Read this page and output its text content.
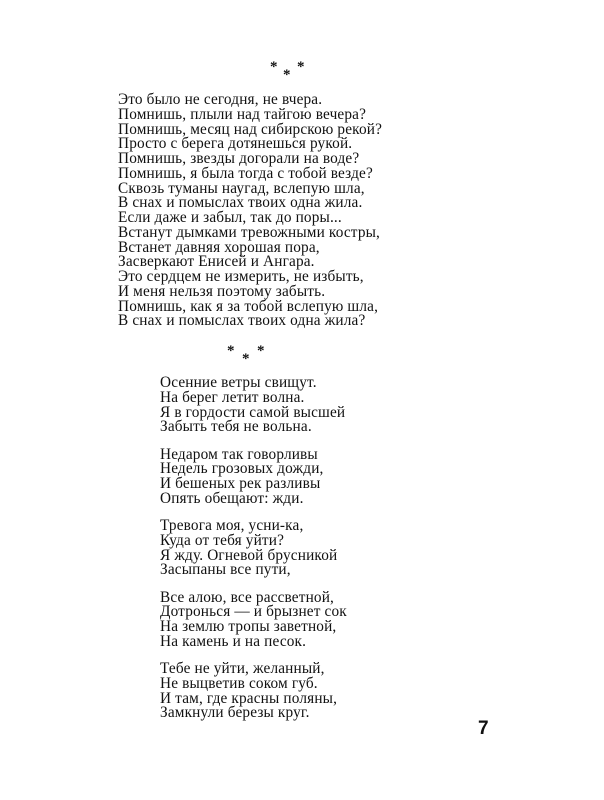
* * *
Это было не сегодня, не вчера.
Помнишь, плыли над тайгою вечера?
Помнишь, месяц над сибирскою рекой?
Просто с берега дотянешься рукой.
Помнишь, звезды догорали на воде?
Помнишь, я была тогда с тобой везде?
Сквозь туманы наугад, вслепую шла,
В снах и помыслах твоих одна жила.
Если даже и забыл, так до поры...
Встанут дымками тревожными костры,
Встанет давняя хорошая пора,
Засверкают Енисей и Ангара.
Это сердцем не измерить, не избыть,
И меня нельзя поэтому забыть.
Помнишь, как я за тобой вслепую шла,
В снах и помыслах твоих одна жила?
* * *
Осенние ветры свищут.
На берег летит волна.
Я в гордости самой высшей
Забыть тебя не вольна.
Недаром так говорливы
Недель грозовых дожди,
И бешеных рек разливы
Опять обещают: жди.
Тревога моя, усни-ка,
Куда от тебя уйти?
Я жду. Огневой брусникой
Засыпаны все пути,
Все алою, все рассветной,
Дотронься — и брызнет сок
На землю тропы заветной,
На камень и на песок.
Тебе не уйти, желанный,
Не выцветив соком губ.
И там, где красны поляны,
Замкнули березы круг.
7
